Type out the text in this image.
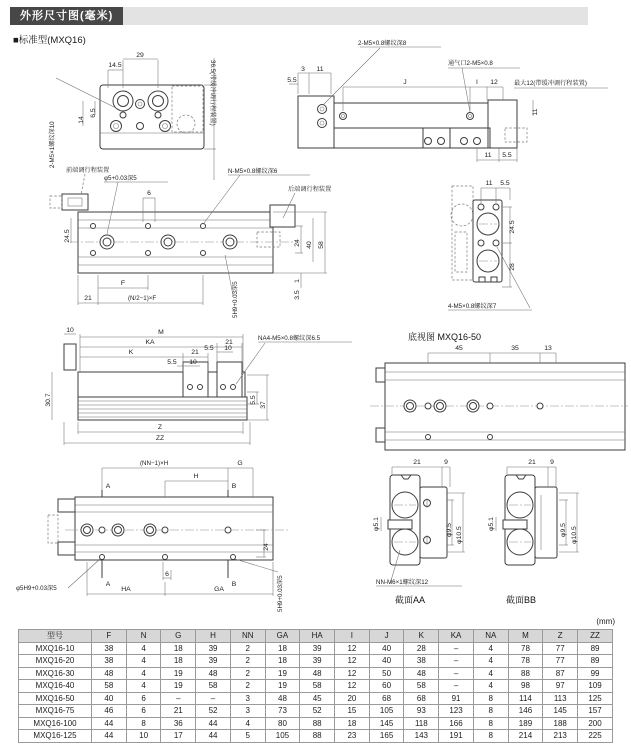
外形尺寸图(毫米)
■标准型(MXQ16)
29
14.5
6.5
14
2-M5×1螺纹深10
36.5(带缓冲调行程装置)
前端调行程装置
2-M5×0.8螺纹深8
通气口2-M5×0.8
3 11
5.5	J	I 12	最大12(带缓冲调行程装置)
11
11 5.5
φ5+0.03深5
6
N-M5×0.8螺纹深6
后端调行程装置
24 40 58
1
3.5
24.5
F
21	(N/2−1)×F	5H9+0.03深5
10	M
KA	21
K	21
5.5 10
5.5 10
NA4-M5×0.8螺纹深6.5
5.5
37
30.7
Z
ZZ
(NN−1)×H	G
H
A	B
A	B
24
6
HA	GA
φ5H9+0.03深5	5H9+0.03深5
底视图 MXQ16-50
45	35	13
21	9
φ9.5 φ10.5
φ5.1
NN-M6×1螺纹深12
截面AA
21 9
φ5.1	φ9.5 φ10.5
截面BB
11 5.5
24.5
28
4-M5×0.8螺纹深7
(mm)
型号	F	N	G	H	NN	GA	HA	I	J	K	KA	NA	M	Z	ZZ
MXQ16-10	38	4	18	39	2	18	39	12	40	28	–	4	78	77	89
MXQ16-20	38	4	18	39	2	18	39	12	40	38	–	4	78	77	89
MXQ16-30	48	4	19	48	2	19	48	12	50	48	–	4	88	87	99
MXQ16-40	58	4	19	58	2	19	58	12	60	58	–	4	98	97	109
MXQ16-50	40	6	–	–	3	48	45	20	68	68	91	8	114	113	125
MXQ16-75	46	6	21	52	3	73	52	15	105	93	123	8	146	145	157
MXQ16-100	44	8	36	44	4	80	88	18	145	118	166	8	189	188	200
MXQ16-125	44	10	17	44	5	105	88	23	165	143	191	8	214	213	225
